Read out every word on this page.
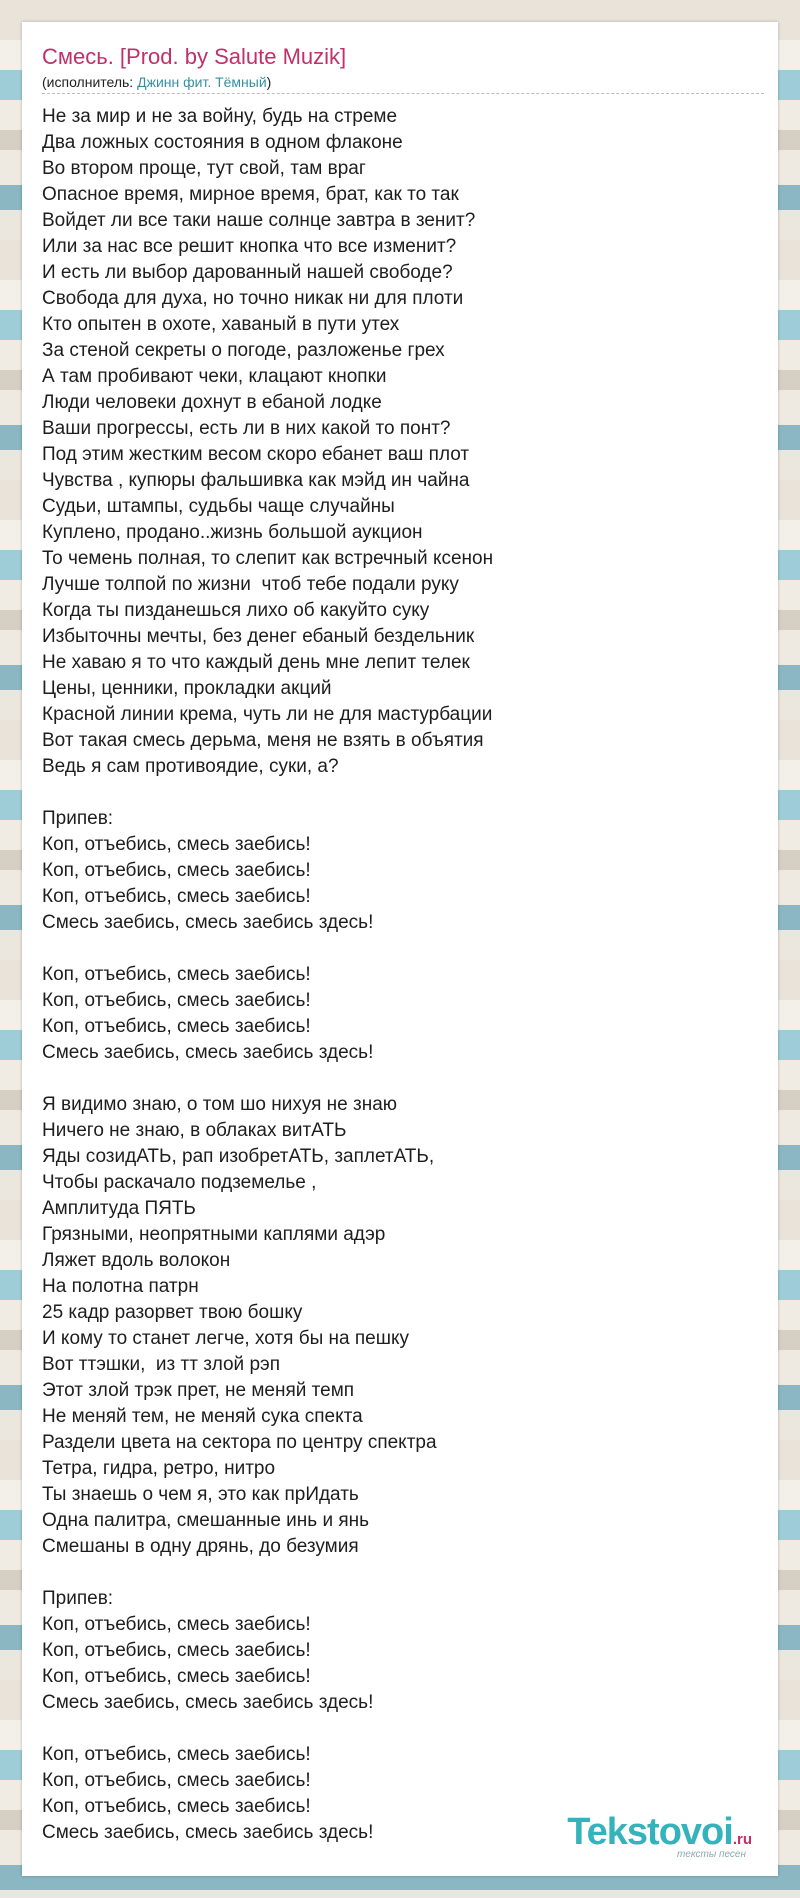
Смесь. [Prod. by Salute Muzik]
(исполнитель: Джинн фит. Тёмный)
Не за мир и не за войну, будь на стреме
Два ложных состояния в одном флаконе
Во втором проще, тут свой, там враг
Опасное время, мирное время, брат, как то так
Войдет ли все таки наше солнце завтра в зенит?
Или за нас все решит кнопка что все изменит?
И есть ли выбор дарованный нашей свободе?
Свобода для духа, но точно никак ни для плоти
Кто опытен в охоте, хаваный в пути утех
За стеной секреты о погоде, разложенье грех
А там пробивают чеки, клацают кнопки
Люди человеки дохнут в ебаной лодке
Ваши прогрессы, есть ли в них какой то понт?
Под этим жестким весом скоро ебанет ваш плот
Чувства , купюры фальшивка как мэйд ин чайна
Судьи, штампы, судьбы чаще случайны
Куплено, продано..жизнь большой аукцион
То чемень полная, то слепит как встречный ксенон
Лучше толпой по жизни  чтоб тебе подали руку
Когда ты пизданешься лихо об какуйто суку
Избыточны мечты, без денег ебаный бездельник
Не хаваю я то что каждый день мне лепит телек
Цены, ценники, прокладки акций
Красной линии крема, чуть ли не для мастурбации
Вот такая смесь дерьма, меня не взять в объятия
Ведь я сам противоядие, суки, а?
Припев:
Коп, отъебись, смесь заебись!
Коп, отъебись, смесь заебись!
Коп, отъебись, смесь заебись!
Смесь заебись, смесь заебись здесь!
Коп, отъебись, смесь заебись!
Коп, отъебись, смесь заебись!
Коп, отъебись, смесь заебись!
Смесь заебись, смесь заебись здесь!
Я видимо знаю, о том шо нихуя не знаю
Ничего не знаю, в облаках витАТЬ
Яды созидАТЬ, рап изобретАТЬ, заплетАТЬ,
Чтобы раскачало подземелье ,
Амплитуда ПЯТЬ
Грязными, неопрятными каплями адэр
Ляжет вдоль волокон
На полотна патрн
25 кадр разорвет твою бошку
И кому то станет легче, хотя бы на пешку
Вот ттэшки,  из тт злой рэп
Этот злой трэк прет, не меняй темп
Не меняй тем, не меняй сука спекта
Раздели цвета на сектора по центру спектра
Тетра, гидра, ретро, нитро
Ты знаешь о чем я, это как прИдать
Одна палитра, смешанные инь и янь
Смешаны в одну дрянь, до безумия
Припев:
Коп, отъебись, смесь заебись!
Коп, отъебись, смесь заебись!
Коп, отъебись, смесь заебись!
Смесь заебись, смесь заебись здесь!
Коп, отъебись, смесь заебись!
Коп, отъебись, смесь заебись!
Коп, отъебись, смесь заебись!
Смесь заебись, смесь заебись здесь!	Tekstovoi.ru
тексты песен
